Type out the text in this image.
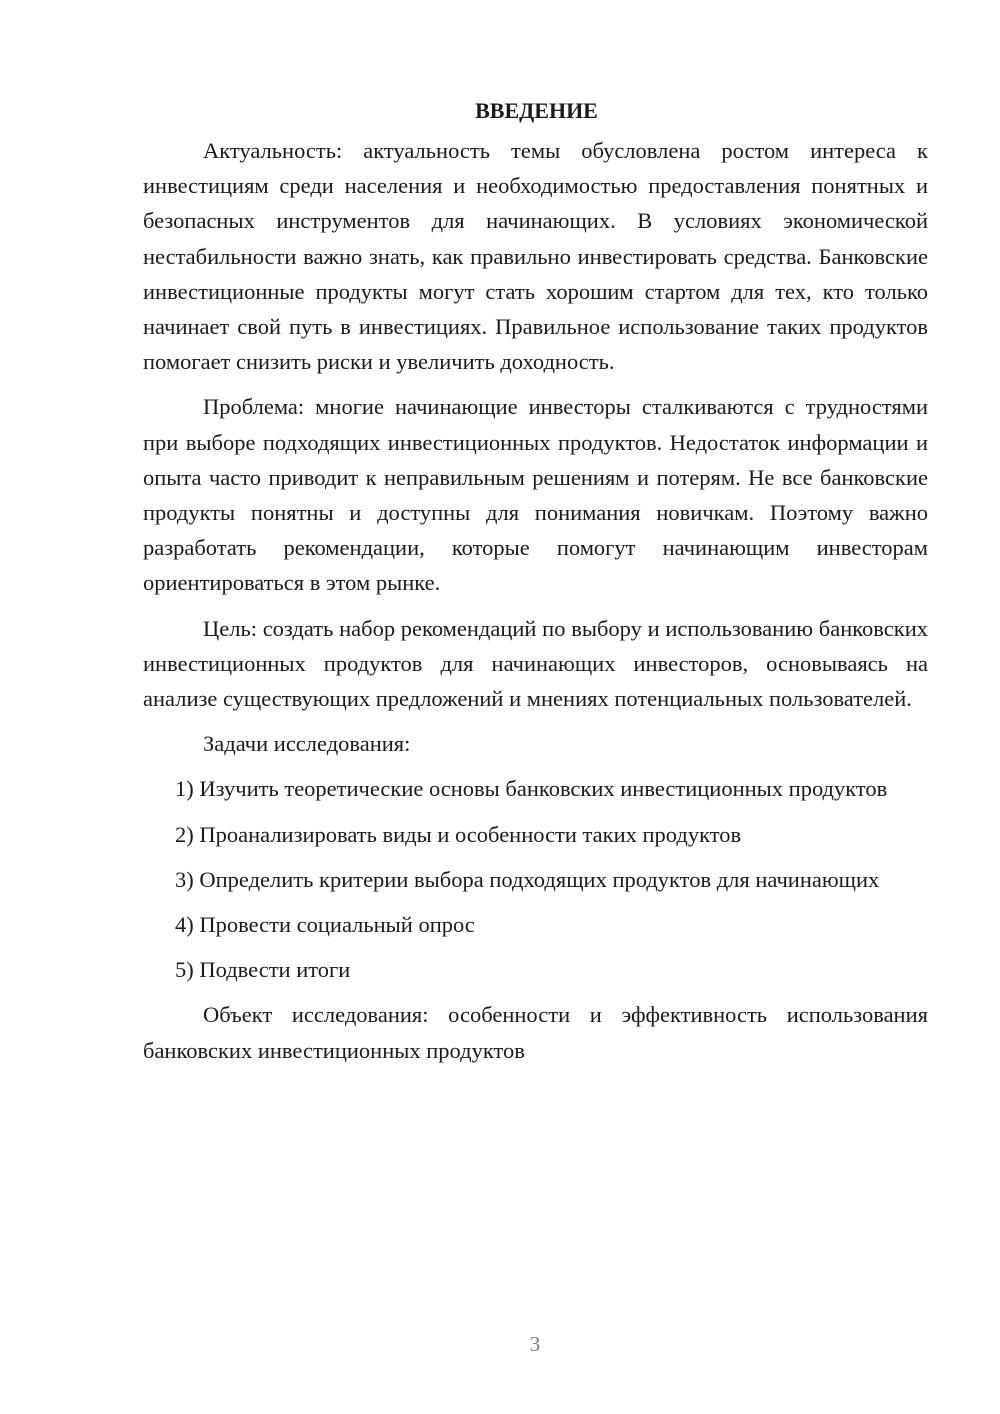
ВВЕДЕНИЕ

Актуальность: актуальность темы обусловлена ростом интереса к инвестициям среди населения и необходимостью предоставления понятных и безопасных инструментов для начинающих. В условиях экономической нестабильности важно знать, как правильно инвестировать средства. Банковские инвестиционные продукты могут стать хорошим стартом для тех, кто только начинает свой путь в инвестициях. Правильное использование таких продуктов помогает снизить риски и увеличить доходность.

Проблема: многие начинающие инвесторы сталкиваются с трудностями при выборе подходящих инвестиционных продуктов. Недостаток информации и опыта часто приводит к неправильным решениям и потерям. Не все банковские продукты понятны и доступны для понимания новичкам. Поэтому важно разработать рекомендации, которые помогут начинающим инвесторам ориентироваться в этом рынке.

Цель: создать набор рекомендаций по выбору и использованию банковских инвестиционных продуктов для начинающих инвесторов, основываясь на анализе существующих предложений и мнениях потенциальных пользователей.

Задачи исследования:

1) Изучить теоретические основы банковских инвестиционных продуктов

2) Проанализировать виды и особенности таких продуктов

3) Определить критерии выбора подходящих продуктов для начинающих

4) Провести социальный опрос

5) Подвести итоги

Объект исследования: особенности и эффективность использования банковских инвестиционных продуктов

3
